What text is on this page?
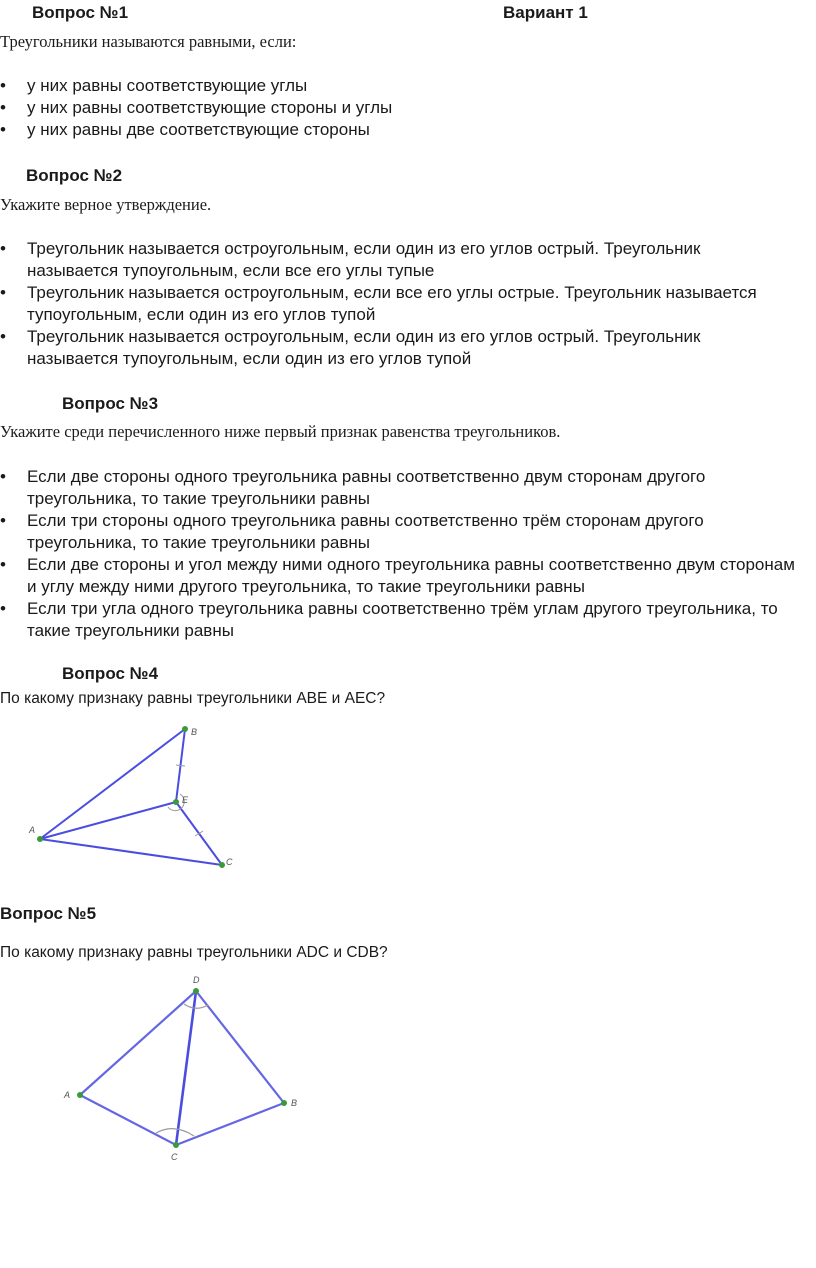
Вопрос №1	Вариант 1
Треугольники называются равными, если:
• у них равны соответствующие углы
• у них равны соответствующие стороны и углы
• у них равны две соответствующие стороны
Вопрос №2
Укажите верное утверждение.
• Треугольник называется остроугольным, если один из его углов острый. Треугольник называется тупоугольным, если все его углы тупые
• Треугольник называется остроугольным, если все его углы острые. Треугольник называется тупоугольным, если один из его углов тупой
• Треугольник называется остроугольным, если один из его углов острый. Треугольник называется тупоугольным, если один из его углов тупой
Вопрос №3
Укажите среди перечисленного ниже первый признак равенства треугольников.
• Если две стороны одного треугольника равны соответственно двум сторонам другого треугольника, то такие треугольники равны
• Если три стороны одного треугольника равны соответственно трём сторонам другого треугольника, то такие треугольники равны
• Если две стороны и угол между ними одного треугольника равны соответственно двум сторонам и углу между ними другого треугольника, то такие треугольники равны
• Если три угла одного треугольника равны соответственно трём углам другого треугольника, то такие треугольники равны
Вопрос №4
По какому признаку равны треугольники ABE и AEC?
A
B
E
C
Вопрос №5
По какому признаку равны треугольники ADC и CDB?
D
A
B
C
